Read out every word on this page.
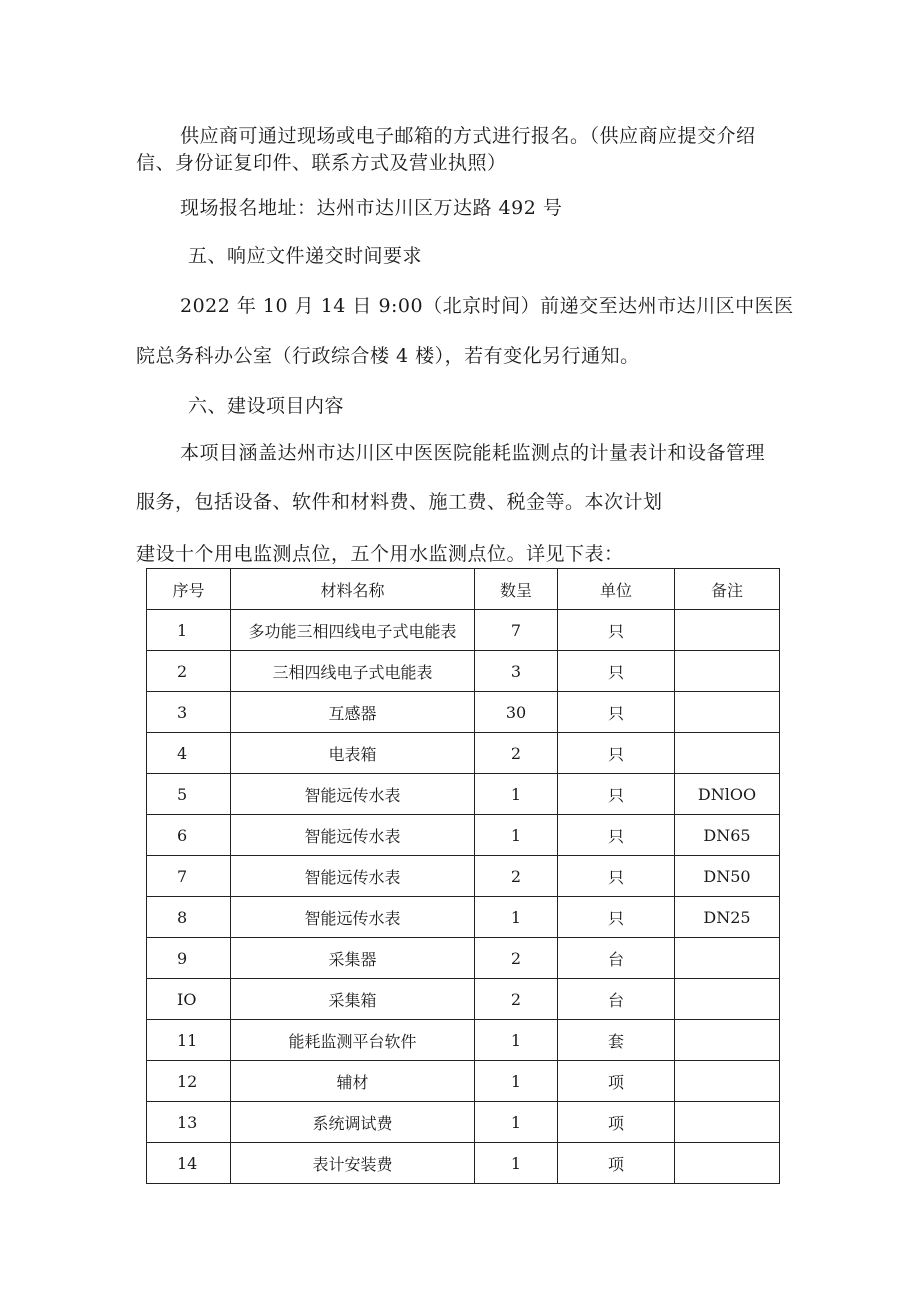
供应商可通过现场或电子邮箱的方式进行报名。（供应商应提交介绍
信、身份证复印件、联系方式及营业执照）
现场报名地址：达州市达川区万达路 492 号
五、响应文件递交时间要求
2022 年 10 月 14 日 9:00（北京时间）前递交至达州市达川区中医医
院总务科办公室（行政综合楼 4 楼），若有变化另行通知。
六、建设项目内容
本项目涵盖达州市达川区中医医院能耗监测点的计量表计和设备管理
服务，包括设备、软件和材料费、施工费、税金等。本次计划
建设十个用电监测点位，五个用水监测点位。详见下表：
序号	材料名称	数呈	单位	备注
1	多功能三相四线电子式电能表	7	只	
2	三相四线电子式电能表	3	只	
3	互感器	30	只	
4	电表箱	2	只	
5	智能远传水表	1	只	DNlOO
6	智能远传水表	1	只	DN65
7	智能远传水表	2	只	DN50
8	智能远传水表	1	只	DN25
9	采集器	2	台	
IO	采集箱	2	台	
11	能耗监测平台软件	1	套	
12	辅材	1	项	
13	系统调试费	1	项	
14	表计安装费	1	项	
